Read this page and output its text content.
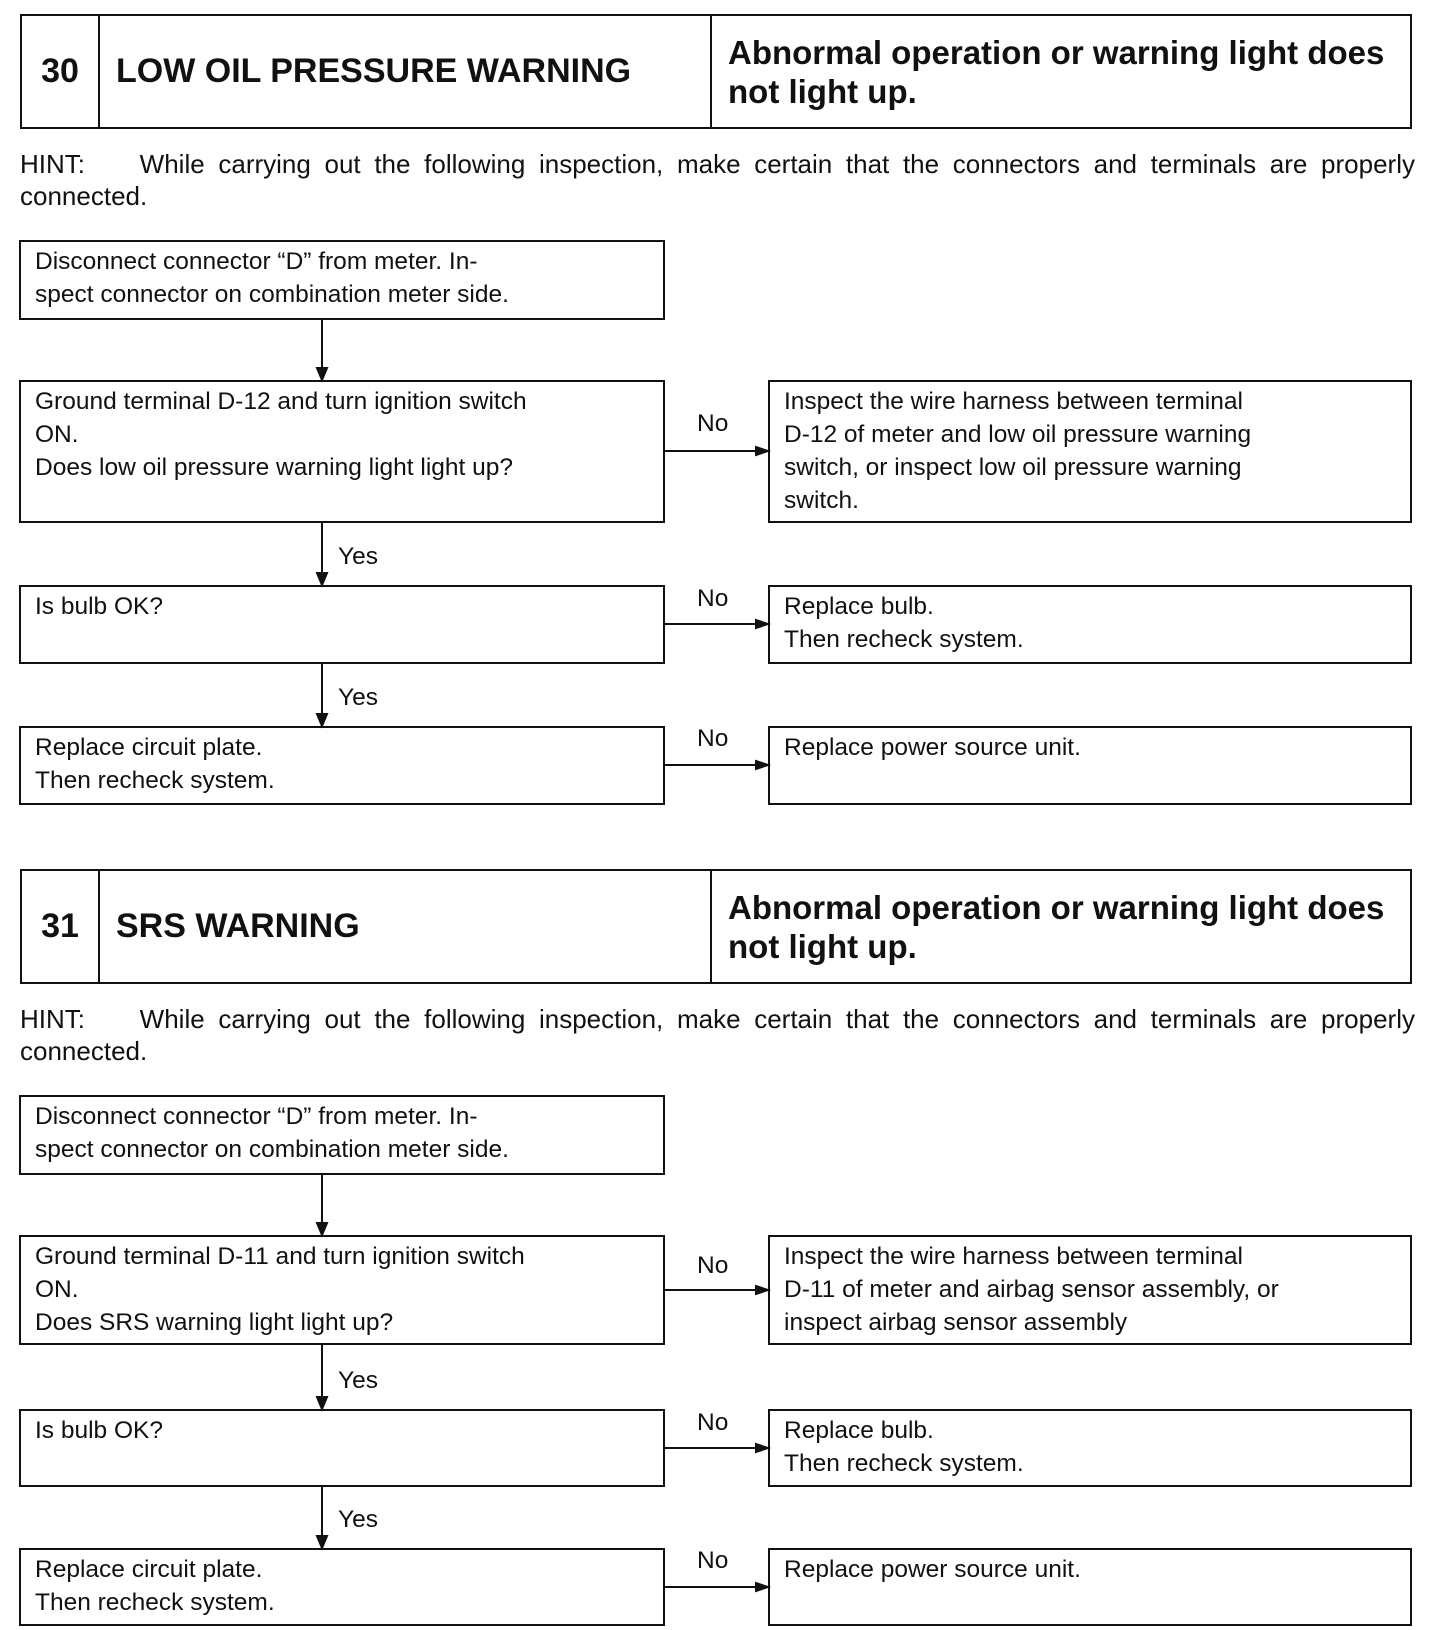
30	LOW OIL PRESSURE WARNING	Abnormal operation or warning light does not light up.
HINT:    While carrying out the following inspection, make certain that the connectors and terminals are properly connected.
Disconnect connector “D” from meter. In-
spect connector on combination meter side.
Ground terminal D-12 and turn ignition switch
ON.
Does low oil pressure warning light light up?
Inspect the wire harness between terminal
D-12 of meter and low oil pressure warning
switch, or inspect low oil pressure warning
switch.
Is bulb OK?	Replace bulb.
Then recheck system.
Replace circuit plate.
Then recheck system.
Replace power source unit.
No
No
No
Yes
Yes
31	SRS WARNING	Abnormal operation or warning light does not light up.
HINT:    While carrying out the following inspection, make certain that the connectors and terminals are properly connected.
Disconnect connector “D” from meter. In-
spect connector on combination meter side.
Ground terminal D-11 and turn ignition switch
ON.
Does SRS warning light light up?
Inspect the wire harness between terminal
D-11 of meter and airbag sensor assembly, or
inspect airbag sensor assembly
Is bulb OK?	Replace bulb.
Then recheck system.
Replace circuit plate.
Then recheck system.
Replace power source unit.
No
No
No
Yes
Yes
